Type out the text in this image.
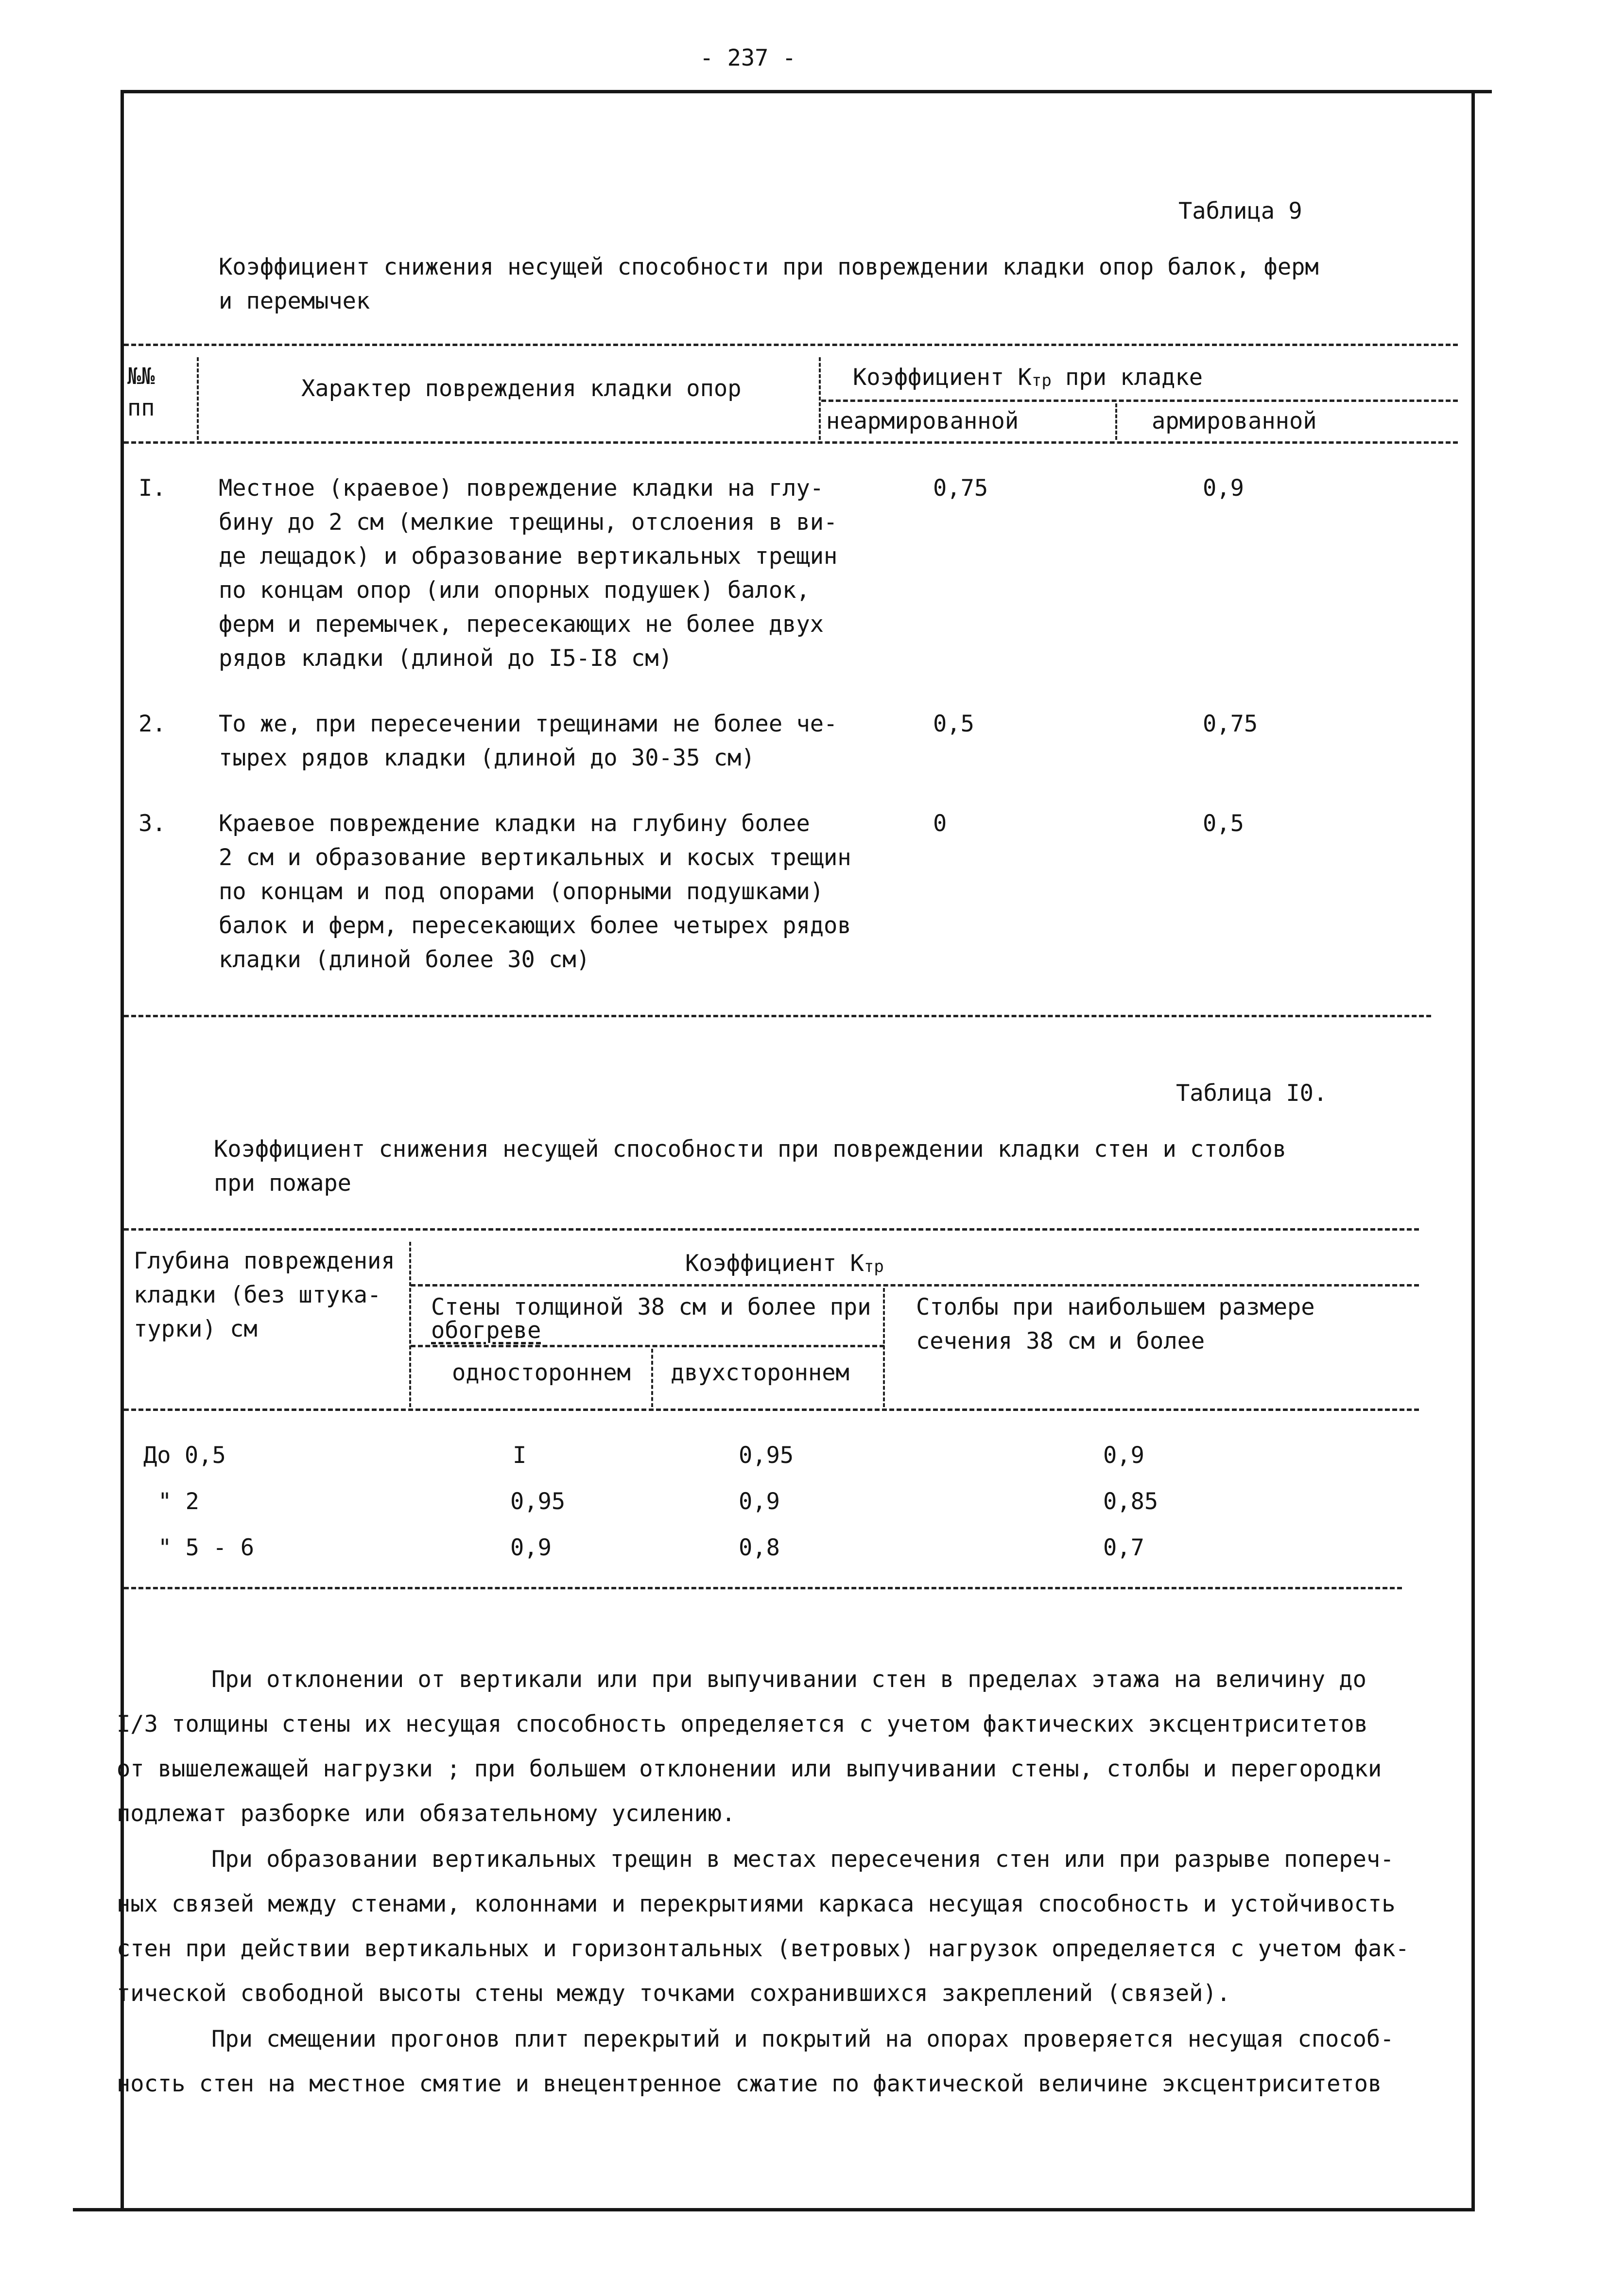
- 237 -
Таблица 9
Коэффициент снижения несущей способности при повреждении кладки опор балок, ферм
и перемычек
№№
пп
Характер повреждения кладки опор	Коэффициент $К_{тр}$ при кладке
неармированной	армированной
I. Местное (краевое) повреждение кладки на глу-
бину до 2 см (мелкие трещины, отслоения в ви-
де лещадок) и образование вертикальных трещин
по концам опор (или опорных подушек) балок,
ферм и перемычек, пересекающих не более двух
рядов кладки (длиной до I5-I8 см)
0,75	0,9
2. То же, при пересечении трещинами не более че-
тырех рядов кладки (длиной до 30-35 см)
0,5	0,75
3. Краевое повреждение кладки на глубину более
2 см и образование вертикальных и косых трещин
по концам и под опорами (опорными подушками)
балок и ферм, пересекающих более четырех рядов
кладки (длиной более 30 см)
0	0,5
Таблица I0.
Коэффициент снижения несущей способности при повреждении кладки стен и столбов
при пожаре
Глубина повреждения
кладки (без штука-
турки) см
Коэффициент $К_{тр}$
Стены толщиной 38 см и более при
обогреве
одностороннем двухстороннем
Столбы при наибольшем размере
сечения 38 см и более
До 0,5	I	0,95	0,9
" 2	0,95	0,9	0,85
" 5 - 6	0,9	0,8	0,7
При отклонении от вертикали или при выпучивании стен в пределах этажа на величину до
I/3 толщины стены их несущая способность определяется с учетом фактических эксцентриситетов
от вышележащей нагрузки ; при большем отклонении или выпучивании стены, столбы и перегородки
подлежат разборке или обязательному усилению.
При образовании вертикальных трещин в местах пересечения стен или при разрыве попереч-
ных связей между стенами, колоннами и перекрытиями каркаса несущая способность и устойчивость
стен при действии вертикальных и горизонтальных (ветровых) нагрузок определяется с учетом фак-
тической свободной высоты стены между точками сохранившихся закреплений (связей).
При смещении прогонов плит перекрытий и покрытий на опорах проверяется несущая способ-
ность стен на местное смятие и внецентренное сжатие по фактической величине эксцентриситетов
